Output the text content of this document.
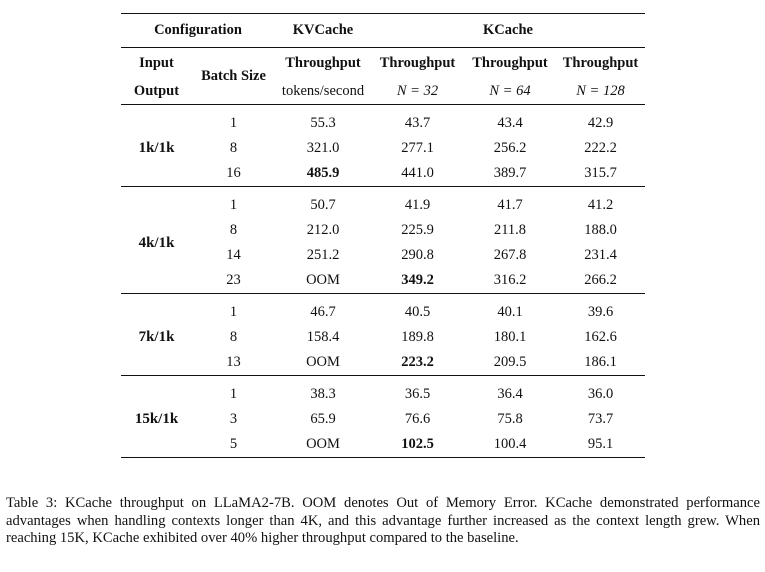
Configuration		KVCache	KCache		
Input	Batch Size	Throughput	Throughput	Throughput	Throughput
Output		tokens/second	N = 32	N = 64	N = 128

1k/1k	1	55.3	43.7	43.4	42.9
	8	321.0	277.1	256.2	222.2
	16	485.9	441.0	389.7	315.7

4k/1k	1	50.7	41.9	41.7	41.2
	8	212.0	225.9	211.8	188.0
	14	251.2	290.8	267.8	231.4
	23	OOM	349.2	316.2	266.2

7k/1k	1	46.7	40.5	40.1	39.6
	8	158.4	189.8	180.1	162.6
	13	OOM	223.2	209.5	186.1

15k/1k	1	38.3	36.5	36.4	36.0
	3	65.9	76.6	75.8	73.7
	5	OOM	102.5	100.4	95.1
Table 3: KCache throughput on LLaMA2-7B. OOM denotes Out of Memory Error. KCache demonstrated performance advantages when handling contexts longer than 4K, and this advantage further increased as the context length grew. When reaching 15K, KCache exhibited over 40% higher throughput compared to the baseline.
